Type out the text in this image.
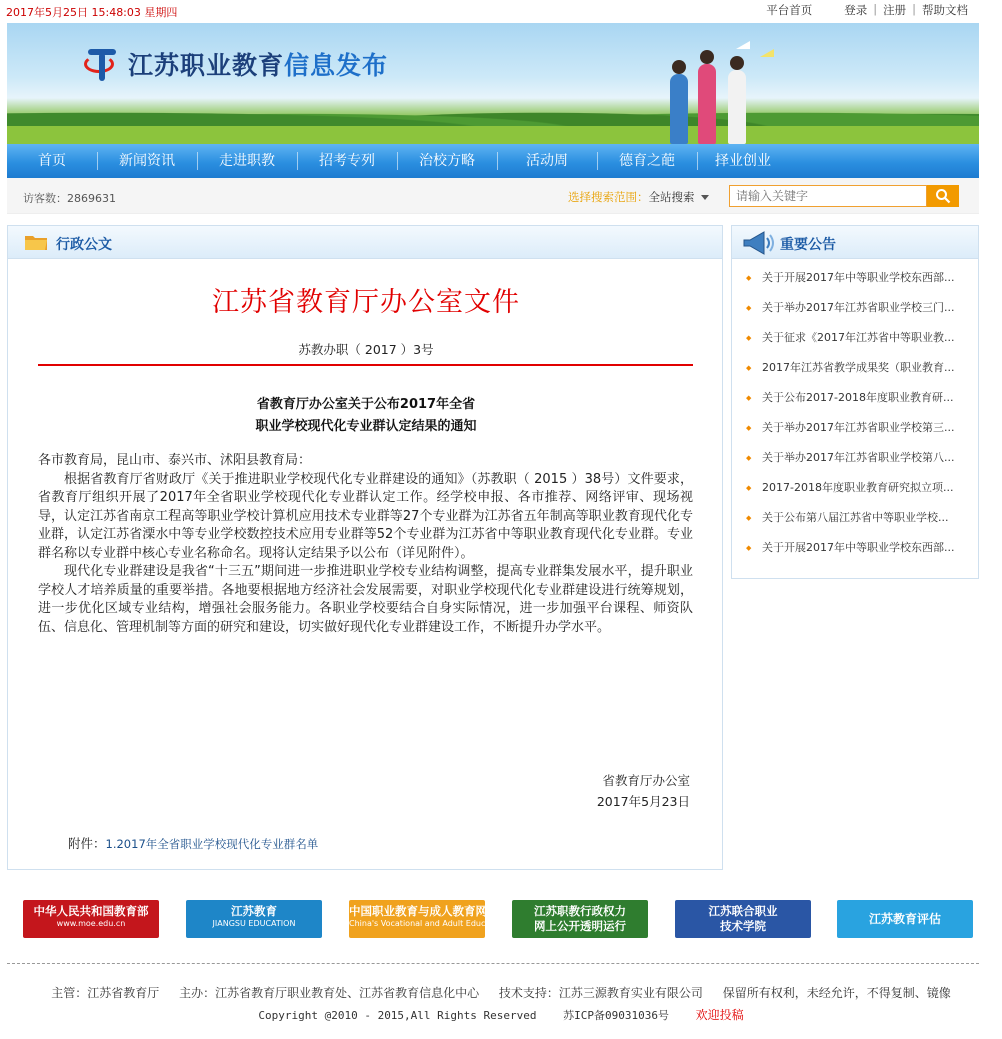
2017年5月25日 15:48:03 星期四	平台首页	登录 | 注册 | 帮助文档
江苏职业教育信息发布
首页	新闻资讯	走进职教	招考专列	治校方略	活动周	德育之葩	择业创业
访客数：2869631	选择搜索范围：全站搜索
请输入关键字
行政公文
江苏省教育厅办公室文件
苏教办职（ 2017 ）3号
省教育厅办公室关于公布2017年全省
职业学校现代化专业群认定结果的通知

各市教育局，昆山市、泰兴市、沭阳县教育局：

根据省教育厅省财政厅《关于推进职业学校现代化专业群建设的通知》（苏教职（ 2015 ）38号）文件要求，省教育厅组织开展了2017年全省职业学校现代化专业群认定工作。经学校申报、各市推荐、网络评审、现场视导，认定江苏省南京工程高等职业学校计算机应用技术专业群等27个专业群为江苏省五年制高等职业教育现代化专业群，认定江苏省溧水中等专业学校数控技术应用专业群等52个专业群为江苏省中等职业教育现代化专业群。专业群名称以专业群中核心专业名称命名。现将认定结果予以公布（详见附件）。

现代化专业群建设是我省“十三五”期间进一步推进职业学校专业结构调整，提高专业群集发展水平，提升职业学校人才培养质量的重要举措。各地要根据地方经济社会发展需要，对职业学校现代化专业群建设进行统筹规划，进一步优化区域专业结构，增强社会服务能力。各职业学校要结合自身实际情况，进一步加强平台课程、师资队伍、信息化、管理机制等方面的研究和建设，切实做好现代化专业群建设工作，不断提升办学水平。

省教育厅办公室
2017年5月23日
附件：1.2017年全省职业学校现代化专业群名单
重要公告
◆ 关于开展2017年中等职业学校东西部...
◆ 关于举办2017年江苏省职业学校三门...
◆ 关于征求《2017年江苏省中等职业教...
◆ 2017年江苏省教学成果奖（职业教育...
◆ 关于公布2017-2018年度职业教育研...
◆ 关于举办2017年江苏省职业学校第三...
◆ 关于举办2017年江苏省职业学校第八...
◆ 2017-2018年度职业教育研究拟立项...
◆ 关于公布第八届江苏省中等职业学校...
◆ 关于开展2017年中等职业学校东西部...
中华人民共和国教育部
www.moe.edu.cn
江苏教育
JIANGSU EDUCATION
中国职业教育与成人教育网
China's Vocational and Adult Education
江苏职教行政权力
网上公开透明运行
江苏联合职业
技术学院	江苏教育评估
主管：江苏省教育厅 主办：江苏省教育厅职业教育处、江苏省教育信息化中心 技术支持：江苏三源教育实业有限公司 保留所有权利，未经允许，不得复制、镜像
Copyright @2010 - 2015,All Rights Reserved 苏ICP备09031036号 欢迎投稿
